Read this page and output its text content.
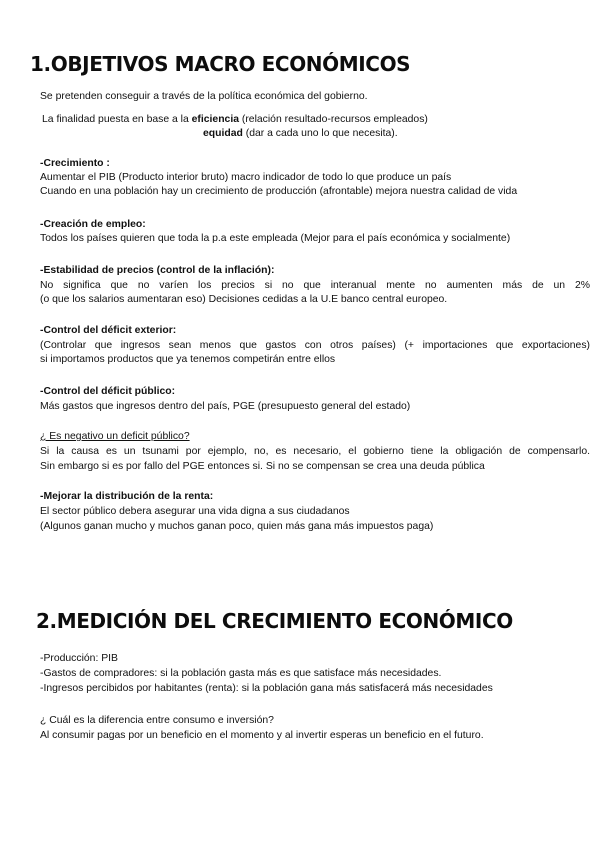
1.OBJETIVOS MACRO ECONÓMICOS

Se pretenden conseguir a través de la política económica del gobierno.

La finalidad puesta en base a la eficiencia (relación resultado-recursos empleados)

equidad (dar a cada uno lo que necesita).

-Crecimiento :

Aumentar el PIB (Producto interior bruto) macro indicador de todo lo que produce un país

Cuando en una población hay un crecimiento de producción (afrontable) mejora nuestra calidad de vida

-Creación de empleo:

Todos los países quieren que toda la p.a este empleada (Mejor para el país económica y socialmente)

-Estabilidad de precios (control de la inflación):

No significa que no varíen los precios si no que interanual mente no aumenten más de un 2%

(o que los salarios aumentaran eso) Decisiones cedidas a la U.E banco central europeo.

-Control del déficit exterior:

(Controlar que ingresos sean menos que gastos con otros países) (+ importaciones que exportaciones)

si importamos productos que ya tenemos competirán entre ellos

-Control del déficit público:

Más gastos que ingresos dentro del país, PGE (presupuesto general del estado)

¿ Es negativo un deficit público?

Si la causa es un tsunami por ejemplo, no, es necesario, el gobierno tiene la obligación de compensarlo.

Sin embargo si es por fallo del PGE entonces si. Si no se compensan se crea una deuda pública

-Mejorar la distribución de la renta:

El sector público debera asegurar una vida digna a sus ciudadanos

(Algunos ganan mucho y muchos ganan poco, quien más gana más impuestos paga)

2.MEDICIÓN DEL CRECIMIENTO ECONÓMICO

-Producción: PIB

-Gastos de compradores: si la población gasta más es que satisface más necesidades.

-Ingresos percibidos por habitantes (renta): si la población gana más satisfacerá más necesidades

¿ Cuál es la diferencia entre consumo e inversión?

Al consumir pagas por un beneficio en el momento y al invertir esperas un beneficio en el futuro.
